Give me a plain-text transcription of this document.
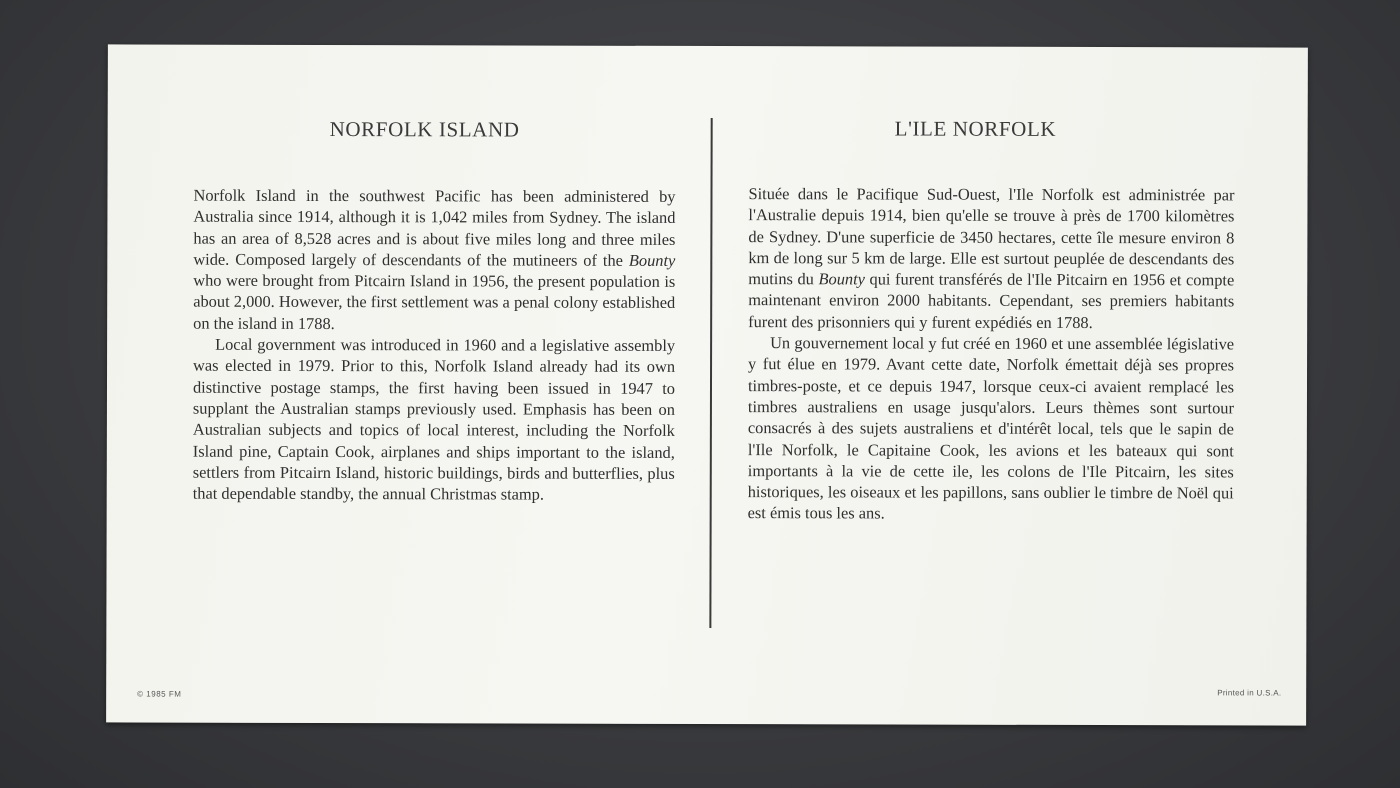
NORFOLK ISLAND

Norfolk Island in the southwest Pacific has been administered by Australia since 1914, although it is 1,042 miles from Sydney. The island has an area of 8,528 acres and is about five miles long and three miles wide. Composed largely of descendants of the mutineers of the Bounty who were brought from Pitcairn Island in 1956, the present population is about 2,000. However, the first settlement was a penal colony established on the island in 1788.

Local government was introduced in 1960 and a legislative assembly was elected in 1979. Prior to this, Norfolk Island already had its own distinctive postage stamps, the first having been issued in 1947 to supplant the Australian stamps previously used. Emphasis has been on Australian subjects and topics of local interest, including the Norfolk Island pine, Captain Cook, airplanes and ships important to the island, settlers from Pitcairn Island, historic buildings, birds and butterflies, plus that dependable standby, the annual Christmas stamp.

L'ILE NORFOLK

Située dans le Pacifique Sud-Ouest, l'Ile Norfolk est administrée par l'Australie depuis 1914, bien qu'elle se trouve à près de 1700 kilomètres de Sydney. D'une superficie de 3450 hectares, cette île mesure environ 8 km de long sur 5 km de large. Elle est surtout peuplée de descendants des mutins du Bounty qui furent transférés de l'Ile Pitcairn en 1956 et compte maintenant environ 2000 habitants. Cependant, ses premiers habitants furent des prisonniers qui y furent expédiés en 1788.

Un gouvernement local y fut créé en 1960 et une assemblée législative y fut élue en 1979. Avant cette date, Norfolk émettait déjà ses propres timbres-poste, et ce depuis 1947, lorsque ceux-ci avaient remplacé les timbres australiens en usage jusqu'alors. Leurs thèmes sont surtour consacrés à des sujets australiens et d'intérêt local, tels que le sapin de l'Ile Norfolk, le Capitaine Cook, les avions et les bateaux qui sont importants à la vie de cette ile, les colons de l'Ile Pitcairn, les sites historiques, les oiseaux et les papillons, sans oublier le timbre de Noël qui est émis tous les ans.

© 1985 FM	Printed in U.S.A.
